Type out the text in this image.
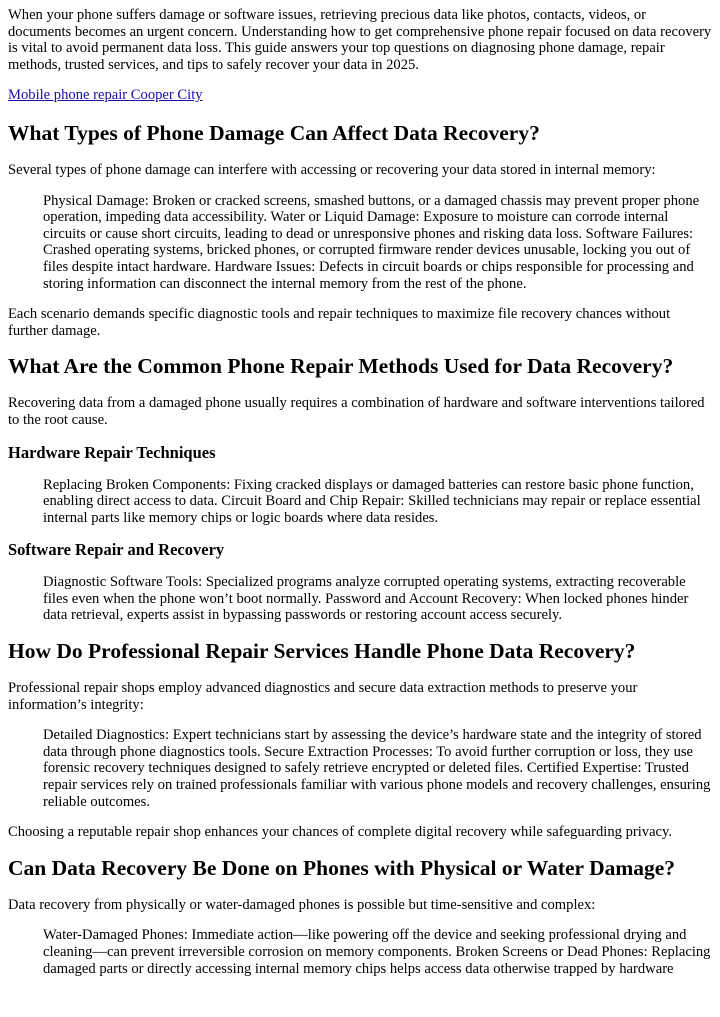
When your phone suffers damage or software issues, retrieving precious data like photos, contacts, videos, or documents becomes an urgent concern. Understanding how to get comprehensive phone repair focused on data recovery is vital to avoid permanent data loss. This guide answers your top questions on diagnosing phone damage, repair methods, trusted services, and tips to safely recover your data in 2025.

Mobile phone repair Cooper City

What Types of Phone Damage Can Affect Data Recovery?

Several types of phone damage can interfere with accessing or recovering your data stored in internal memory:

Physical Damage: Broken or cracked screens, smashed buttons, or a damaged chassis may prevent proper phone operation, impeding data accessibility. Water or Liquid Damage: Exposure to moisture can corrode internal circuits or cause short circuits, leading to dead or unresponsive phones and risking data loss. Software Failures: Crashed operating systems, bricked phones, or corrupted firmware render devices unusable, locking you out of files despite intact hardware. Hardware Issues: Defects in circuit boards or chips responsible for processing and storing information can disconnect the internal memory from the rest of the phone.

Each scenario demands specific diagnostic tools and repair techniques to maximize file recovery chances without further damage.

What Are the Common Phone Repair Methods Used for Data Recovery?

Recovering data from a damaged phone usually requires a combination of hardware and software interventions tailored to the root cause.

Hardware Repair Techniques
Replacing Broken Components: Fixing cracked displays or damaged batteries can restore basic phone function, enabling direct access to data. Circuit Board and Chip Repair: Skilled technicians may repair or replace essential internal parts like memory chips or logic boards where data resides.
Software Repair and Recovery
Diagnostic Software Tools: Specialized programs analyze corrupted operating systems, extracting recoverable files even when the phone won’t boot normally. Password and Account Recovery: When locked phones hinder data retrieval, experts assist in bypassing passwords or restoring account access securely.
How Do Professional Repair Services Handle Phone Data Recovery?

Professional repair shops employ advanced diagnostics and secure data extraction methods to preserve your information’s integrity:

Detailed Diagnostics: Expert technicians start by assessing the device’s hardware state and the integrity of stored data through phone diagnostics tools. Secure Extraction Processes: To avoid further corruption or loss, they use forensic recovery techniques designed to safely retrieve encrypted or deleted files. Certified Expertise: Trusted repair services rely on trained professionals familiar with various phone models and recovery challenges, ensuring reliable outcomes.

Choosing a reputable repair shop enhances your chances of complete digital recovery while safeguarding privacy.

Can Data Recovery Be Done on Phones with Physical or Water Damage?

Data recovery from physically or water-damaged phones is possible but time-sensitive and complex:

Water-Damaged Phones: Immediate action—like powering off the device and seeking professional drying and cleaning—can prevent irreversible corrosion on memory components. Broken Screens or Dead Phones: Replacing damaged parts or directly accessing internal memory chips helps access data otherwise trapped by hardware
